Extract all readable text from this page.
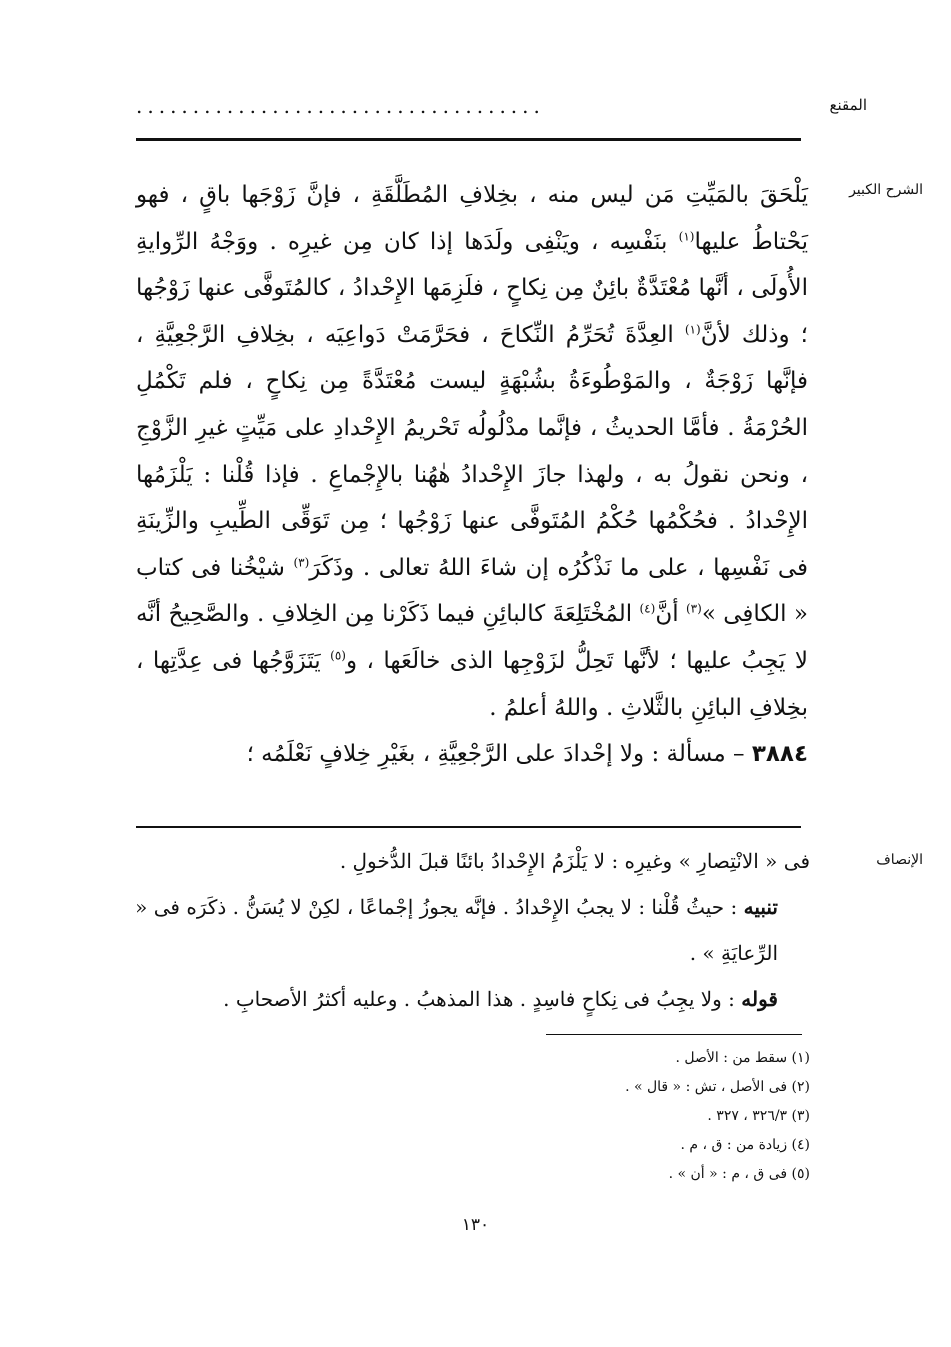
المقنع
....................................
الشرح الكبير

يَلْحَقَ بالمَيِّتِ مَن ليس منه ، بخِلافِ المُطَلَّقَةِ ، فإنَّ زَوْجَها باقٍ ، فهو يَحْتاطُ عليها$^{(١)}$ بنَفْسِه ، ويَنْفِى ولَدَها إذا كان مِن غيرِه . ووَجْهُ الرِّوايةِ الأُولَى ، أنَّها مُعْتَدَّةٌ بائِنٌ مِن نِكاحٍ ، فلَزِمَها الإِحْدادُ ، كالمُتَوفَّى عنها زَوْجُها ؛ وذلك لأنَّ$^{(١)}$ العِدَّةَ تُحَرِّمُ النِّكاحَ ، فحَرَّمَتْ دَواعِيَه ، بخِلافِ الرَّجْعِيَّةِ ، فإنَّها زَوْجَةٌ ، والمَوْطُوءَةُ بشُبْهَةٍ ليست مُعْتَدَّةً مِن نِكاحٍ ، فلم تَكْمُلِ الحُرْمَةُ . فأمَّا الحديثُ ، فإنَّما مدْلُولُه تَحْريمُ الإِحْدادِ على مَيِّتٍ غيرِ الزَّوْجِ ، ونحن نقولُ به ، ولهذا جازَ الإِحْدادُ هٰهُنا بالإِجْماعِ . فإذا قُلْنا : يَلْزَمُها الإِحْدادُ . فحُكْمُها حُكْمُ المُتَوفَّى عنها زَوْجُها ؛ مِن تَوَقِّى الطِّيبِ والزِّينَةِ فى نَفْسِها ، على ما نَذْكُرُه إن شاءَ اللهُ تعالى . وذَكَرَ$^{(٣)}$ شيْخُنا فى كتاب « الكافِى »$^{(٣)}$ أنَّ$^{(٤)}$ المُخْتَلِعَةَ كالبائِنِ فيما ذَكَرْنا مِن الخِلافِ . والصَّحِيحُ أنَّه لا يَجِبُ عليها ؛ لأنَّها تَحِلُّ لزَوْجِها الذى خالَعَها ، و$^{(٥)}$ يَتَزَوَّجُها فى عِدَّتِها ، بخِلافِ البائِنِ بالثَّلاثِ . واللهُ أعلمُ .

٣٨٨٤ – مسألة : ولا إحْدادَ على الرَّجْعِيَّةِ ، بغَيْرِ خِلافٍ نَعْلَمُه ؛

الإنصاف

فى « الانْتِصارِ » وغيرِه : لا يَلْزَمُ الإِحْدادُ بائنًا قبلَ الدُّخولِ .

تنبيه : حيثُ قُلْنا : لا يجبُ الإِحْدادُ . فإنَّه يجوزُ إجْماعًا ، لكِنْ لا يُسَنُّ . ذكَرَه فى « الرِّعايَةِ » .

قوله : ولا يجِبُ فى نِكاحٍ فاسِدٍ . هذا المذهبُ . وعليه أكثرُ الأصحابِ .

(١) سقط من : الأصل .
(٢) فى الأصل ، تش : « قال » .
(٣) ٣٢٦/٣ ، ٣٢٧ .
(٤) زيادة من : ق ، م .
(٥) فى ق ، م : « أن » .
١٣٠
